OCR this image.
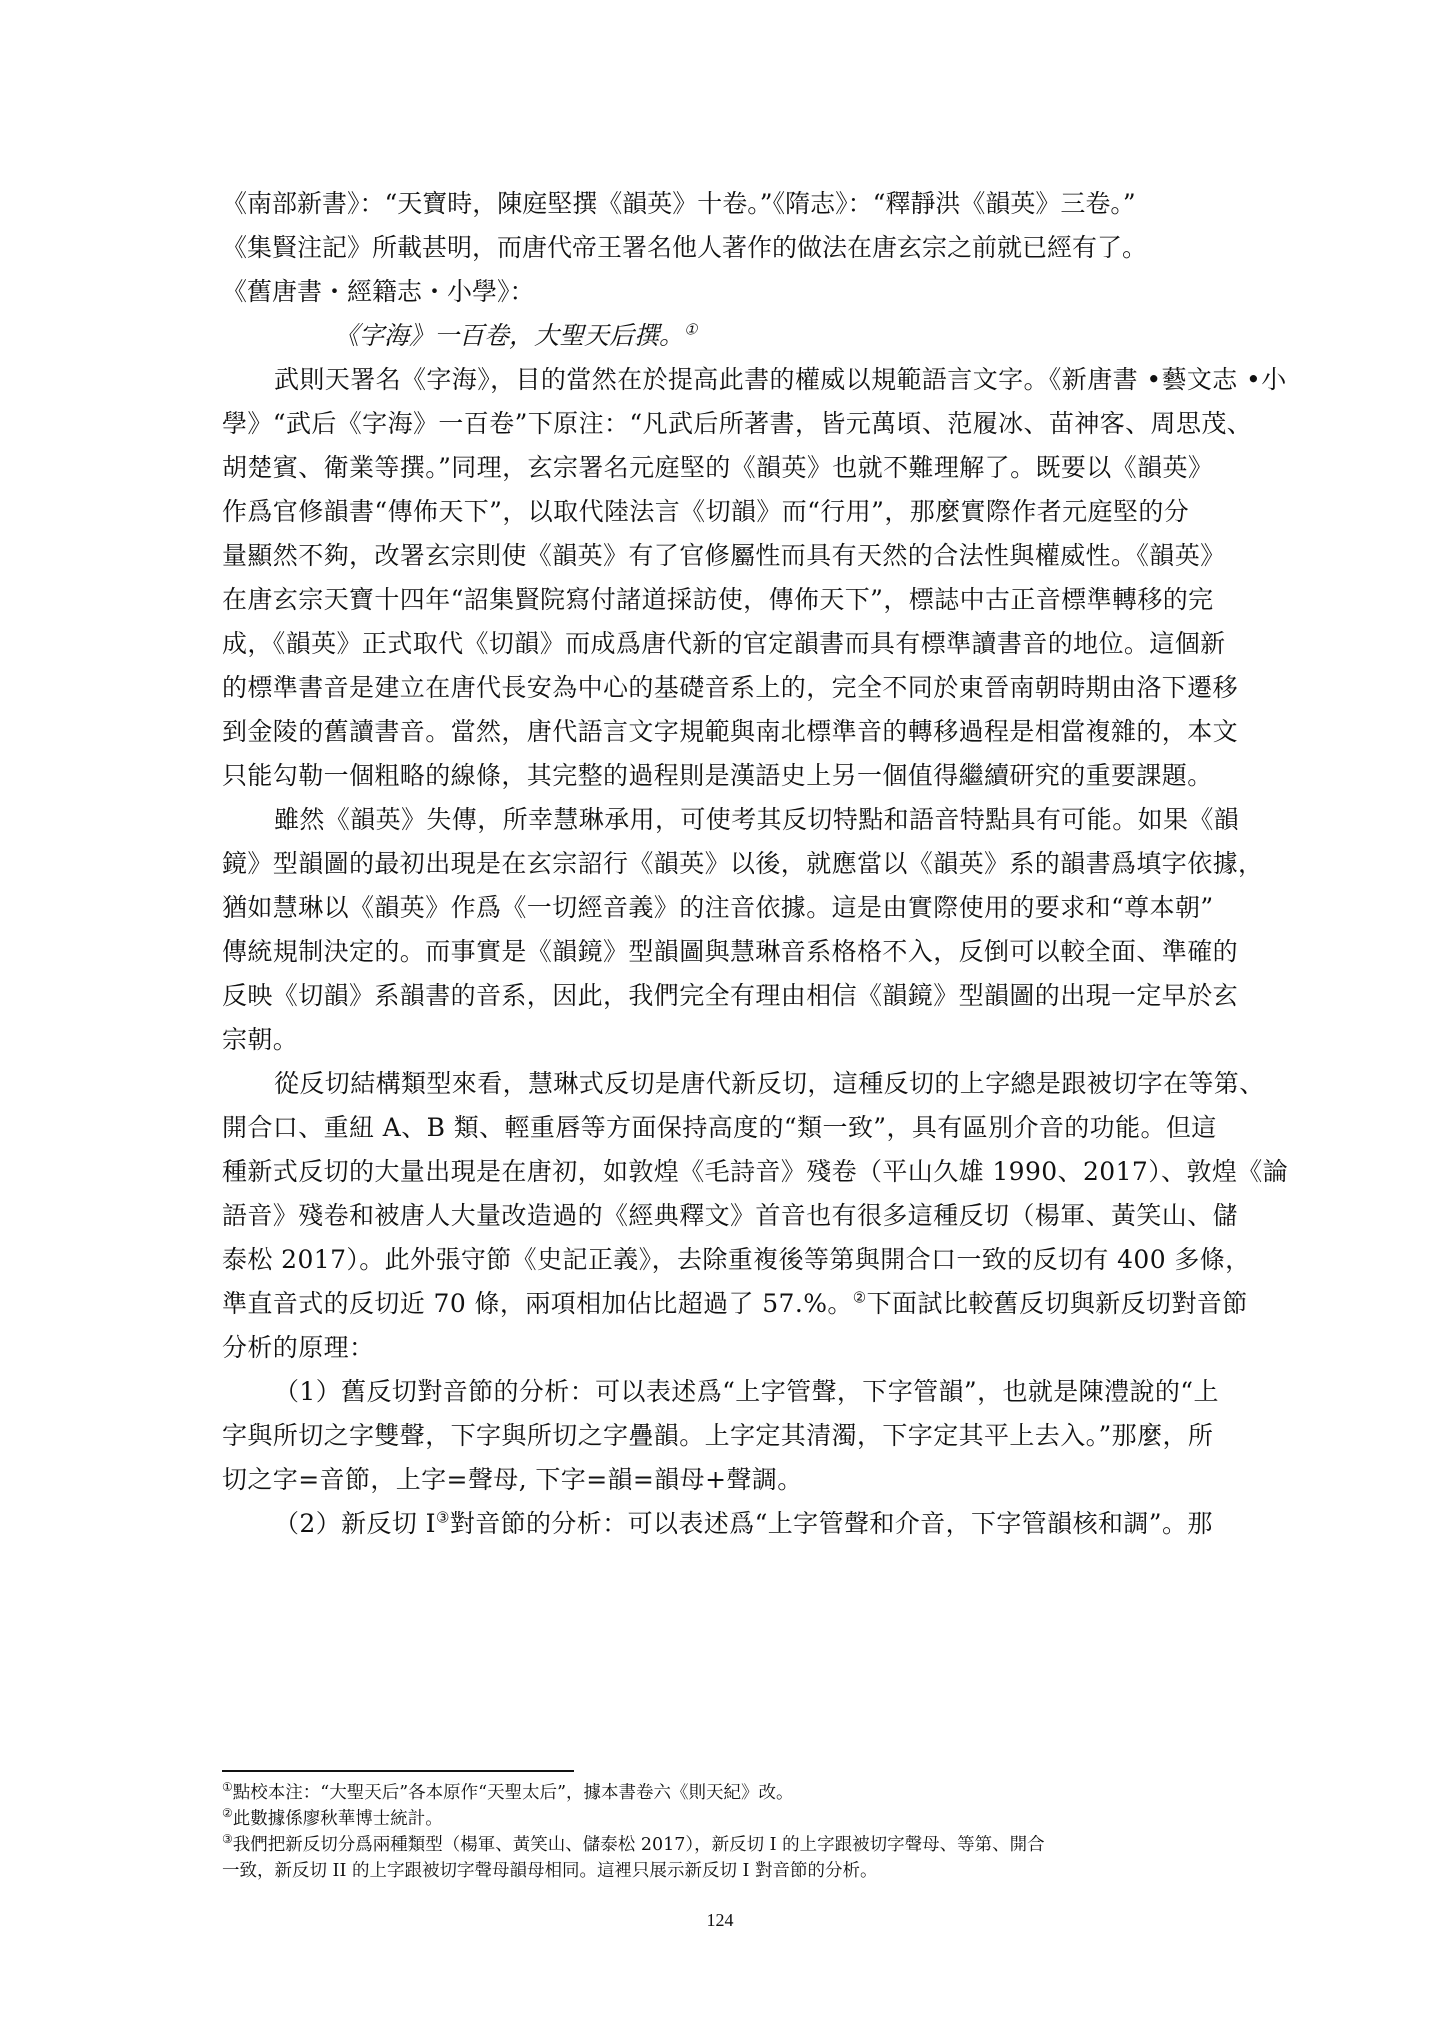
《南部新書》：“天寶時，陳庭堅撰《韻英》十卷。”《隋志》：“釋靜洪《韻英》三卷。”
《集賢注記》所載甚明，而唐代帝王署名他人著作的做法在唐玄宗之前就已經有了。
《舊唐書・經籍志・小學》：
《字海》一百卷，大聖天后撰。①
武則天署名《字海》，目的當然在於提高此書的權威以規範語言文字。《新唐書 •藝文志 •小
學》“武后《字海》一百卷”下原注：“凡武后所著書，皆元萬頃、范履冰、苗神客、周思茂、
胡楚賓、衛業等撰。”同理，玄宗署名元庭堅的《韻英》也就不難理解了。既要以《韻英》
作爲官修韻書“傳佈天下”，以取代陸法言《切韻》而“行用”，那麼實際作者元庭堅的分
量顯然不夠，改署玄宗則使《韻英》有了官修屬性而具有天然的合法性與權威性。《韻英》
在唐玄宗天寶十四年“詔集賢院寫付諸道採訪使，傳佈天下”，標誌中古正音標準轉移的完
成，《韻英》正式取代《切韻》而成爲唐代新的官定韻書而具有標準讀書音的地位。這個新
的標準書音是建立在唐代長安為中心的基礎音系上的，完全不同於東晉南朝時期由洛下遷移
到金陵的舊讀書音。當然，唐代語言文字規範與南北標準音的轉移過程是相當複雜的，本文
只能勾勒一個粗略的線條，其完整的過程則是漢語史上另一個值得繼續研究的重要課題。
雖然《韻英》失傳，所幸慧琳承用，可使考其反切特點和語音特點具有可能。如果《韻
鏡》型韻圖的最初出現是在玄宗詔行《韻英》以後，就應當以《韻英》系的韻書爲填字依據，
猶如慧琳以《韻英》作爲《一切經音義》的注音依據。這是由實際使用的要求和“尊本朝”
傳統規制決定的。而事實是《韻鏡》型韻圖與慧琳音系格格不入，反倒可以較全面、準確的
反映《切韻》系韻書的音系，因此，我們完全有理由相信《韻鏡》型韻圖的出現一定早於玄
宗朝。
從反切結構類型來看，慧琳式反切是唐代新反切，這種反切的上字總是跟被切字在等第、
開合口、重紐 A、B 類、輕重唇等方面保持高度的“類一致”，具有區別介音的功能。但這
種新式反切的大量出現是在唐初，如敦煌《毛詩音》殘卷（平山久雄 1990、2017）、敦煌《論
語音》殘卷和被唐人大量改造過的《經典釋文》首音也有很多這種反切（楊軍、黃笑山、儲
泰松 2017）。此外張守節《史記正義》，去除重複後等第與開合口一致的反切有 400 多條，
準直音式的反切近 70 條，兩項相加佔比超過了 57.%。②下面試比較舊反切與新反切對音節
分析的原理：
（1）舊反切對音節的分析：可以表述爲“上字管聲，下字管韻”，也就是陳澧說的“上
字與所切之字雙聲，下字與所切之字疊韻。上字定其清濁，下字定其平上去入。”那麼，所
切之字=音節，上字=聲母, 下字=韻=韻母+聲調。
（2）新反切 I③對音節的分析：可以表述爲“上字管聲和介音，下字管韻核和調”。那
①點校本注：“大聖天后”各本原作“天聖太后”，據本書卷六《則天紀》改。
②此數據係廖秋華博士統計。
③我們把新反切分爲兩種類型（楊軍、黃笑山、儲泰松 2017），新反切 I 的上字跟被切字聲母、等第、開合
一致，新反切 II 的上字跟被切字聲母韻母相同。這裡只展示新反切 I 對音節的分析。
124
